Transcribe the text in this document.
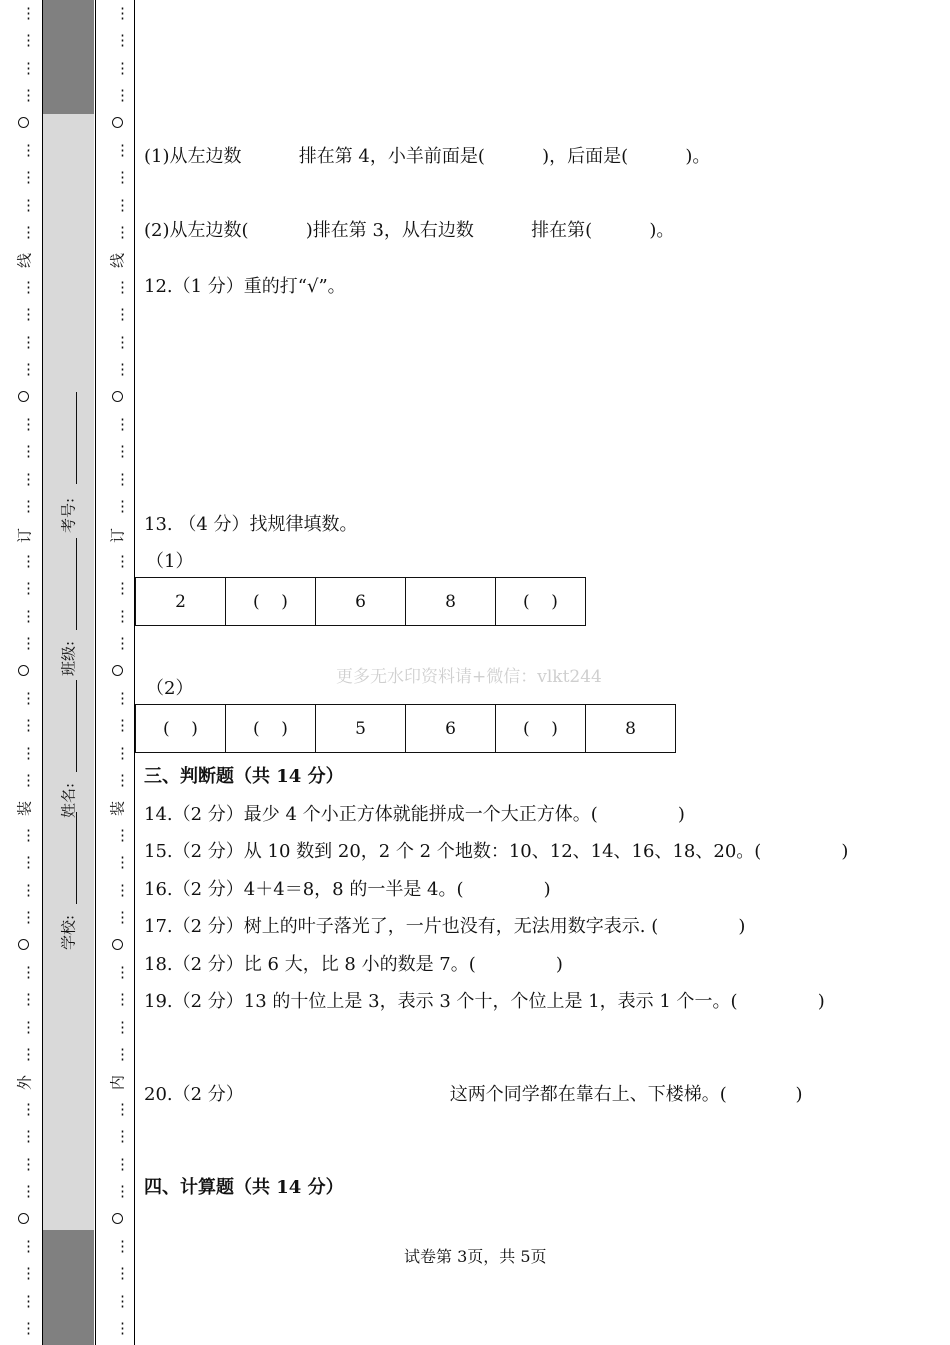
⋮
⋮
⋮
⋮
⋮
⋮
⋮
⋮
⋮
⋮
⋮
⋮
⋮
⋮
⋮
⋮
⋮
⋮
⋮
⋮
⋮
⋮
⋮
⋮
⋮
⋮
⋮
⋮
⋮
⋮
⋮
⋮
⋮
⋮
⋮
⋮
⋮
⋮
⋮
⋮
⋮
⋮
⋮
⋮
⋮
⋮
⋮
⋮
⋮
⋮
⋮
⋮
⋮
⋮
⋮
⋮
⋮
⋮
⋮
⋮
⋮
⋮
⋮
⋮
⋮
⋮
⋮
⋮
⋮
⋮
⋮
⋮
⋮
⋮
⋮
⋮
⋮
⋮
⋮
⋮
外
装
订
线
内
装
订
线
学校:
姓名:
班级:
考号:
(1)从左边数          排在第 4，小羊前面是(          )，后面是(          )。
(2)从左边数(          )排在第 3，从右边数          排在第(          )。
12.（1 分）重的打“√”。
13. （4 分）找规律填数。
（1）
2	(    )	6	8	(    )
更多无水印资料请+微信：vlkt244
（2）
(    )	(    )	5	6	(    )	8
三、判断题（共 14 分）
14.（2 分）最少 4 个小正方体就能拼成一个大正方体。(              )
15.（2 分）从 10 数到 20，2 个 2 个地数：10、12、14、16、18、20。(              )
16.（2 分）4＋4＝8，8 的一半是 4。(              )
17.（2 分）树上的叶子落光了，一片也没有，无法用数字表示. (              )
18.（2 分）比 6 大，比 8 小的数是 7。(              )
19.（2 分）13 的十位上是 3，表示 3 个十，个位上是 1，表示 1 个一。(              )
20.（2 分）                                    这两个同学都在靠右上、下楼梯。(            )
四、计算题（共 14 分）
试卷第 3页，共 5页
